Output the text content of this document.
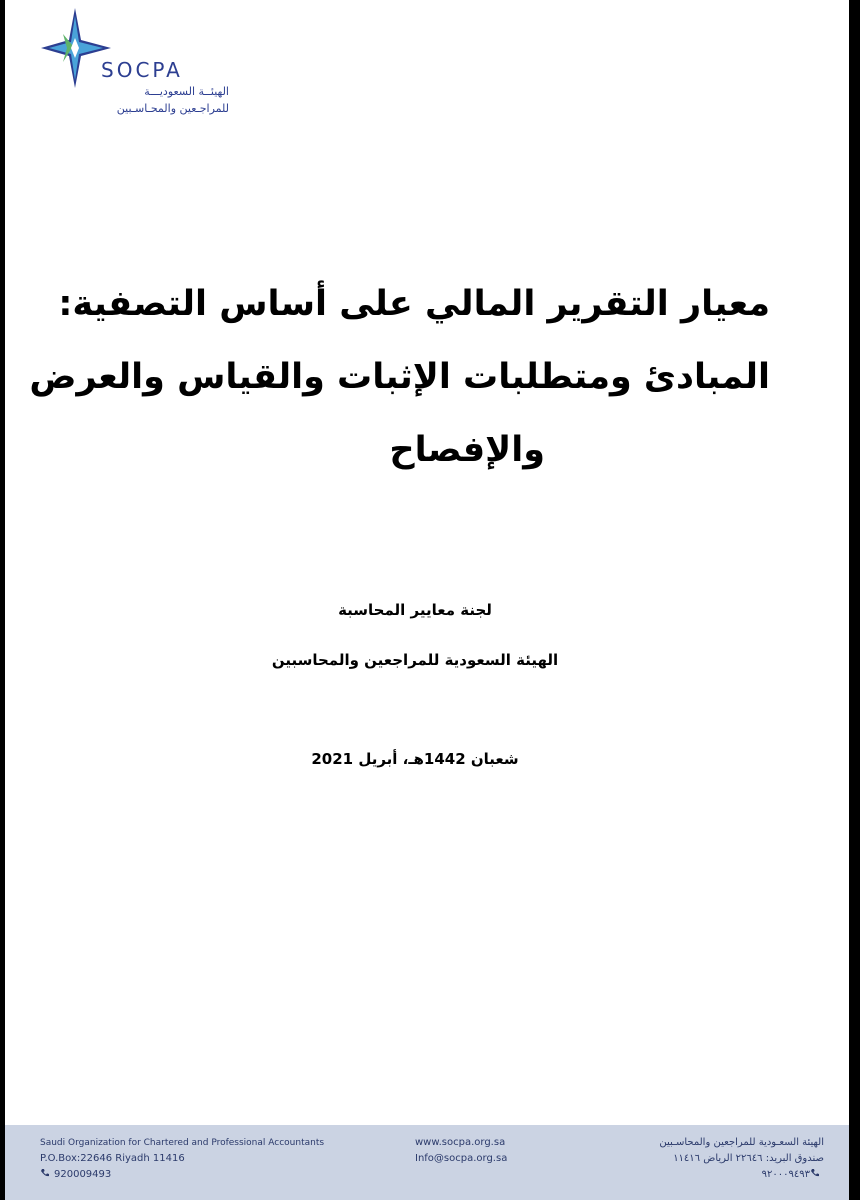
SOCPA
الهيئــة السعوديـــة
للمراجـعين والمحـاسـبين
معيار التقرير المالي على أساس التصفية:
المبادئ ومتطلبات الإثبات والقياس والعرض
والإفصاح
لجنة معايير المحاسبة
الهيئة السعودية للمراجعين والمحاسبين
شعبان 1442هـ، أبريل 2021
Saudi Organization for Chartered and Professional Accountants
P.O.Box:22646 Riyadh 11416
920009493
www.socpa.org.sa
Info@socpa.org.sa
الهيئة السعـودية للمراجعين والمحاسـبين
صندوق البريد: ٢٢٦٤٦ الرياض ١١٤١٦
٩٢٠٠٠٩٤٩٣
